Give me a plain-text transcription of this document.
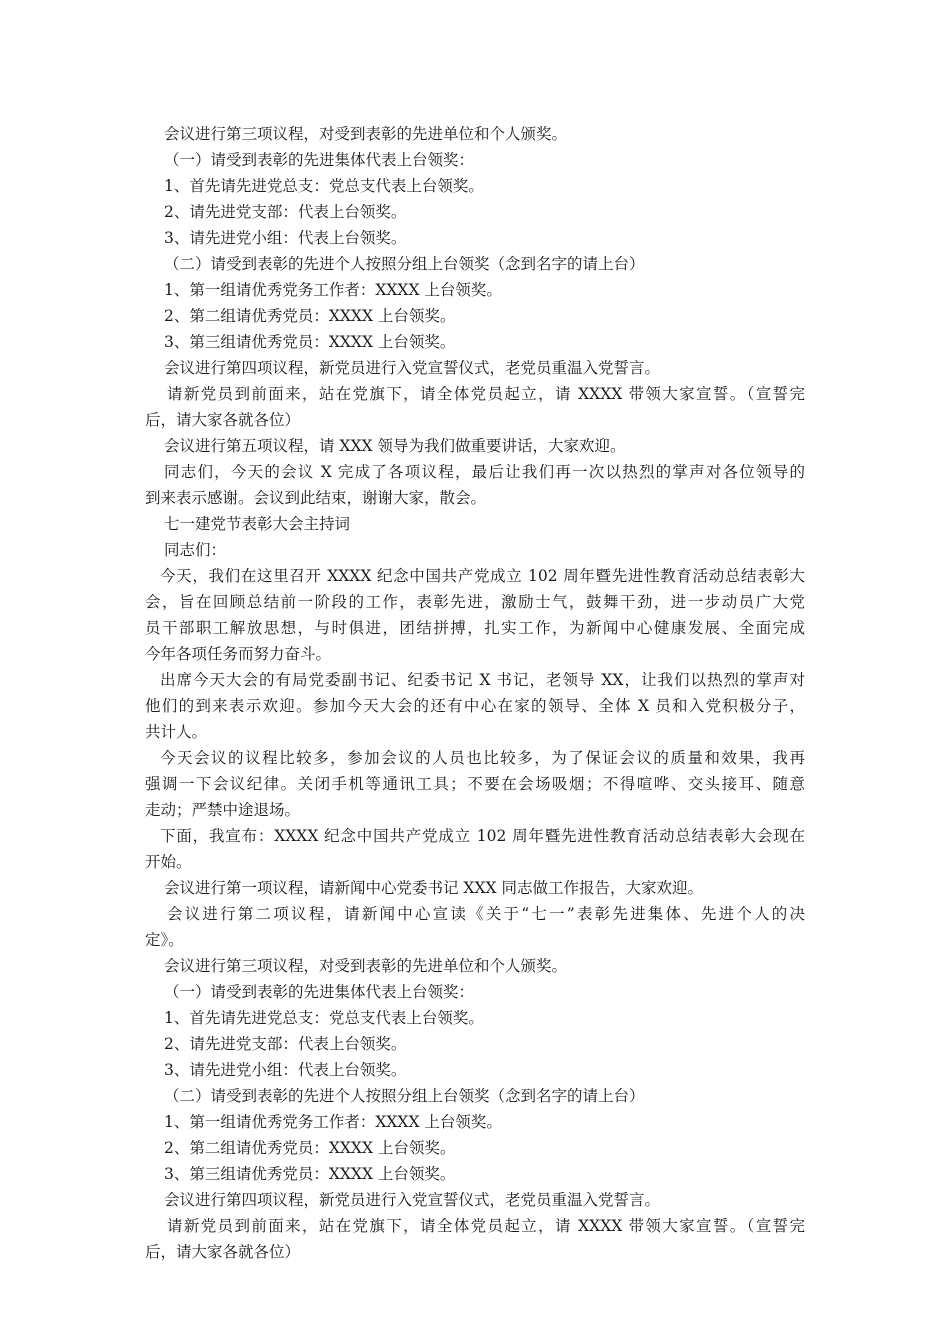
会议进行第三项议程，对受到表彰的先进单位和个人颁奖。

（一）请受到表彰的先进集体代表上台领奖：

1、首先请先进党总支：党总支代表上台领奖。

2、请先进党支部：代表上台领奖。

3、请先进党小组：代表上台领奖。

（二）请受到表彰的先进个人按照分组上台领奖（念到名字的请上台）

1、第一组请优秀党务工作者：XXXX 上台领奖。

2、第二组请优秀党员：XXXX 上台领奖。

3、第三组请优秀党员：XXXX 上台领奖。

会议进行第四项议程，新党员进行入党宣誓仪式，老党员重温入党誓言。

请新党员到前面来，站在党旗下，请全体党员起立，请 XXXX 带领大家宣誓。（宣誓完

后，请大家各就各位）

会议进行第五项议程，请 XXX 领导为我们做重要讲话，大家欢迎。

同志们，今天的会议 X 完成了各项议程，最后让我们再一次以热烈的掌声对各位领导的

到来表示感谢。会议到此结束，谢谢大家，散会。

七一建党节表彰大会主持词

同志们：

今天，我们在这里召开 XXXX 纪念中国共产党成立 102 周年暨先进性教育活动总结表彰大

会，旨在回顾总结前一阶段的工作，表彰先进，激励士气，鼓舞干劲，进一步动员广大党

员干部职工解放思想，与时俱进，团结拼搏，扎实工作，为新闻中心健康发展、全面完成

今年各项任务而努力奋斗。

出席今天大会的有局党委副书记、纪委书记 X 书记，老领导 XX，让我们以热烈的掌声对

他们的到来表示欢迎。参加今天大会的还有中心在家的领导、全体 X 员和入党积极分子，

共计人。

今天会议的议程比较多，参加会议的人员也比较多，为了保证会议的质量和效果，我再

强调一下会议纪律。关闭手机等通讯工具；不要在会场吸烟；不得喧哗、交头接耳、随意

走动；严禁中途退场。

下面，我宣布：XXXX 纪念中国共产党成立 102 周年暨先进性教育活动总结表彰大会现在

开始。

会议进行第一项议程，请新闻中心党委书记 XXX 同志做工作报告，大家欢迎。

会议进行第二项议程，请新闻中心宣读《关于“七一”表彰先进集体、先进个人的决

定》。

会议进行第三项议程，对受到表彰的先进单位和个人颁奖。

（一）请受到表彰的先进集体代表上台领奖：

1、首先请先进党总支：党总支代表上台领奖。

2、请先进党支部：代表上台领奖。

3、请先进党小组：代表上台领奖。

（二）请受到表彰的先进个人按照分组上台领奖（念到名字的请上台）

1、第一组请优秀党务工作者：XXXX 上台领奖。

2、第二组请优秀党员：XXXX 上台领奖。

3、第三组请优秀党员：XXXX 上台领奖。

会议进行第四项议程，新党员进行入党宣誓仪式，老党员重温入党誓言。

请新党员到前面来，站在党旗下，请全体党员起立，请 XXXX 带领大家宣誓。（宣誓完

后，请大家各就各位）
